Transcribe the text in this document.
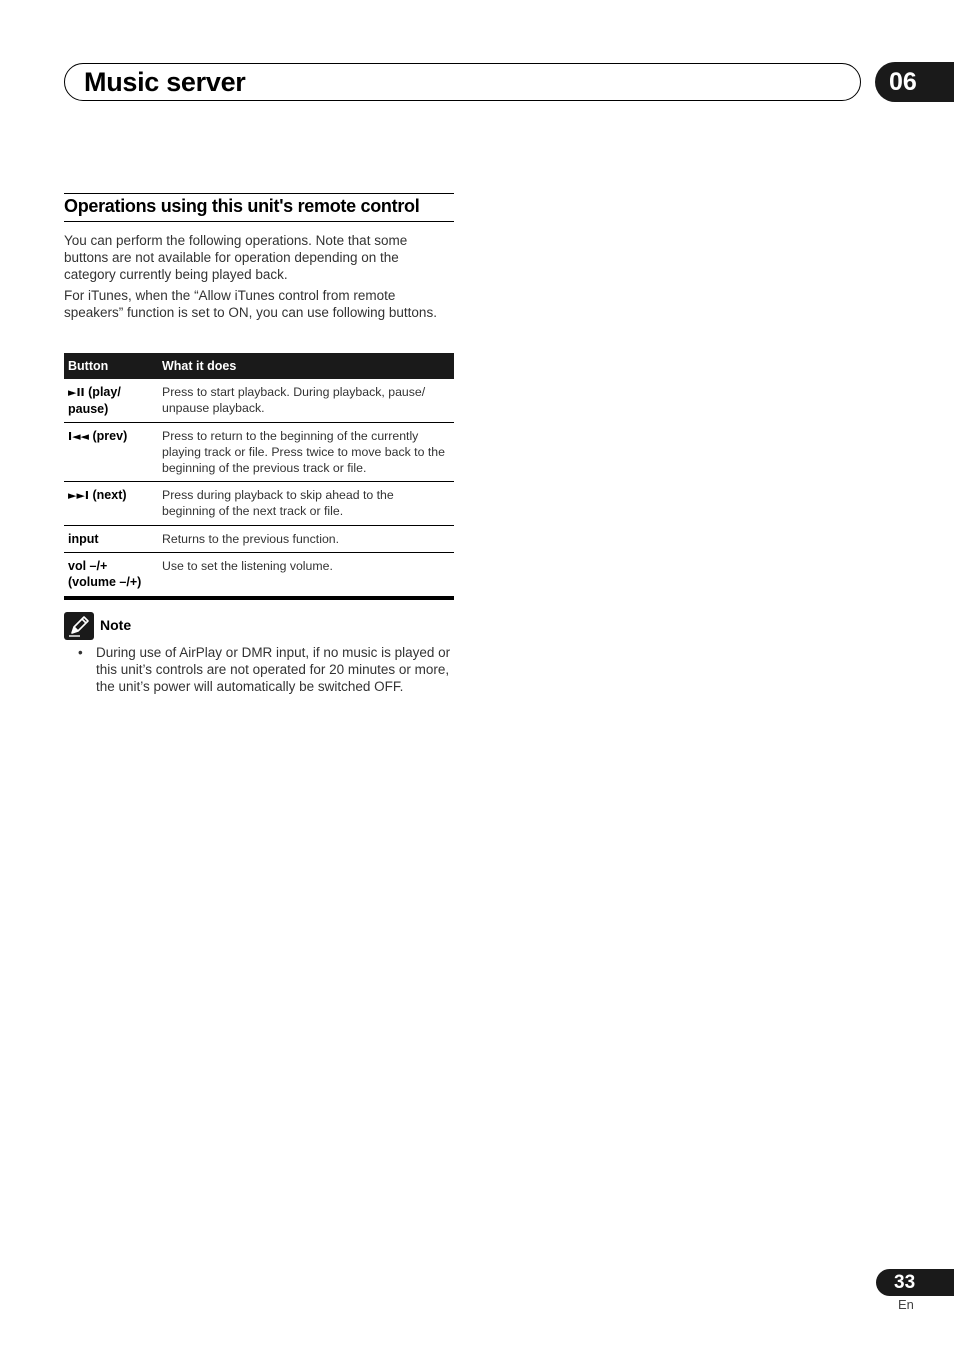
Music server	06
Operations using this unit's remote control

You can perform the following operations. Note that some buttons are not available for operation depending on the category currently being played back.

For iTunes, when the “Allow iTunes control from remote speakers” function is set to ON, you can use following buttons.

Button	What it does
►II (play/ pause)	Press to start playback. During playback, pause/ unpause playback.
I◄◄ (prev)	Press to return to the beginning of the currently playing track or file. Press twice to move back to the beginning of the previous track or file.
►►I (next)	Press during playback to skip ahead to the beginning of the next track or file.
input	Returns to the previous function.
vol –/+ (volume –/+)	Use to set the listening volume.
Note
• During use of AirPlay or DMR input, if no music is played or this unit’s controls are not operated for 20 minutes or more, the unit’s power will automatically be switched OFF.
33
En
